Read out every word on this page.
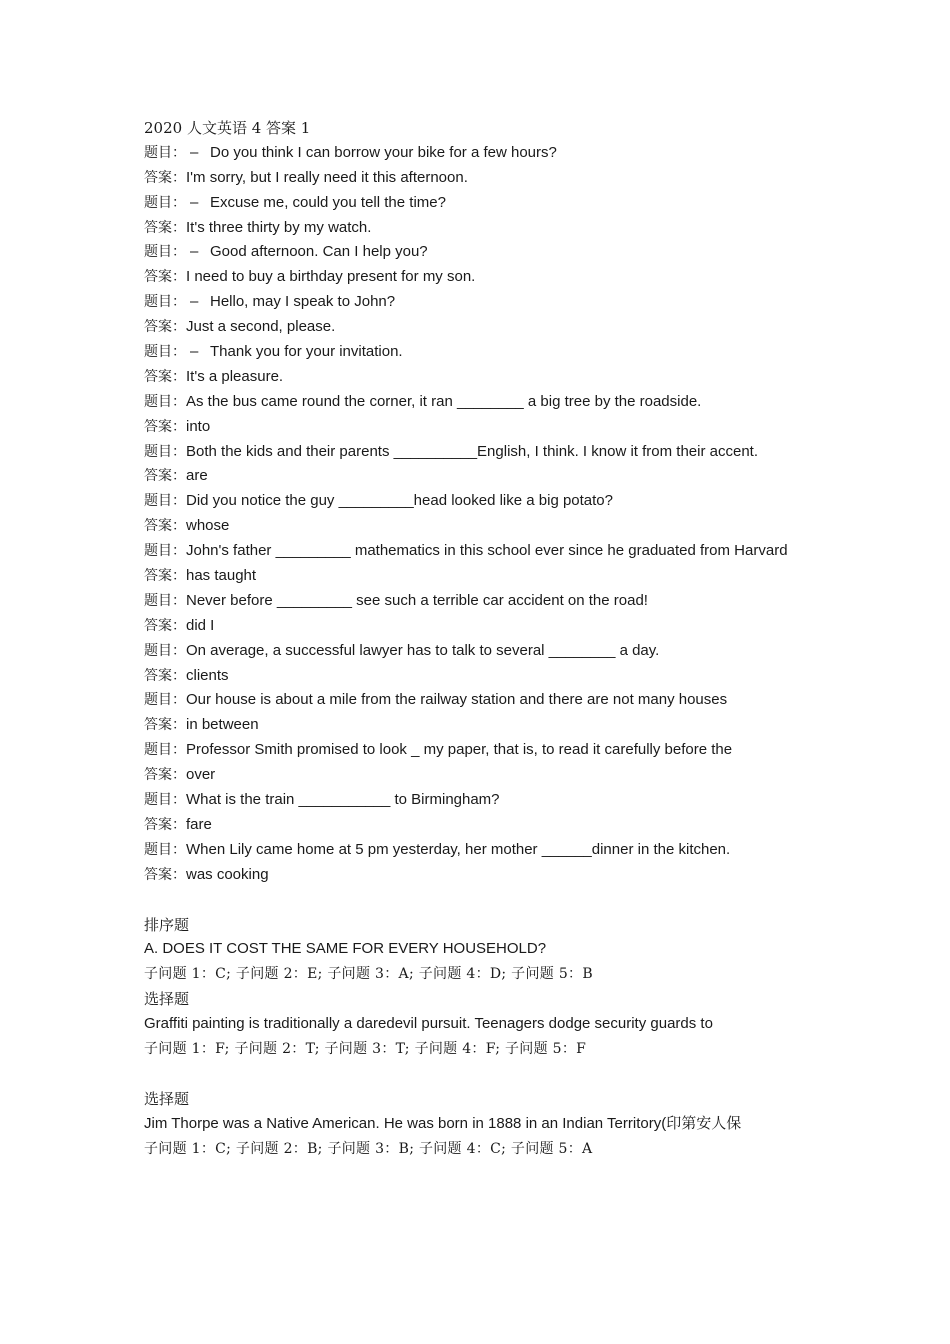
2020 人文英语 4 答案 1
题目： – Do you think I can borrow your bike for a few hours?
答案：I'm sorry, but I really need it this afternoon.
题目： – Excuse me, could you tell the time?
答案：It's three thirty by my watch.
题目： – Good afternoon. Can I help you?
答案：I need to buy a birthday present for my son.
题目： – Hello, may I speak to John?
答案：Just a second, please.
题目： – Thank you for your invitation.
答案：It's a pleasure.
题目：As the bus came round the corner, it ran ________ a big tree by the roadside.
答案：into
题目：Both the kids and their parents __________English, I think. I know it from their accent.
答案：are
题目：Did you notice the guy _________head looked like a big potato?
答案：whose
题目：John's father _________ mathematics in this school ever since he graduated from Harvard
答案：has taught
题目：Never before _________ see such a terrible car accident on the road!
答案：did I
题目：On average, a successful lawyer has to talk to several ________ a day.
答案：clients
题目：Our house is about a mile from the railway station and there are not many houses
答案：in between
题目：Professor Smith promised to look _ my paper, that is, to read it carefully before the
答案：over
题目：What is the train ___________ to Birmingham?
答案：fare
题目：When Lily came home at 5 pm yesterday, her mother ______dinner in the kitchen.
答案：was cooking
排序题
A. DOES IT COST THE SAME FOR EVERY HOUSEHOLD?
子问题 1：C; 子问题 2：E; 子问题 3：A; 子问题 4：D; 子问题 5：B
选择题
Graffiti painting is traditionally a daredevil pursuit. Teenagers dodge security guards to
子问题 1：F; 子问题 2：T; 子问题 3：T; 子问题 4：F; 子问题 5：F
选择题
Jim Thorpe was a Native American. He was born in 1888 in an Indian Territory(印第安人保
子问题 1：C; 子问题 2：B; 子问题 3：B; 子问题 4：C; 子问题 5：A
